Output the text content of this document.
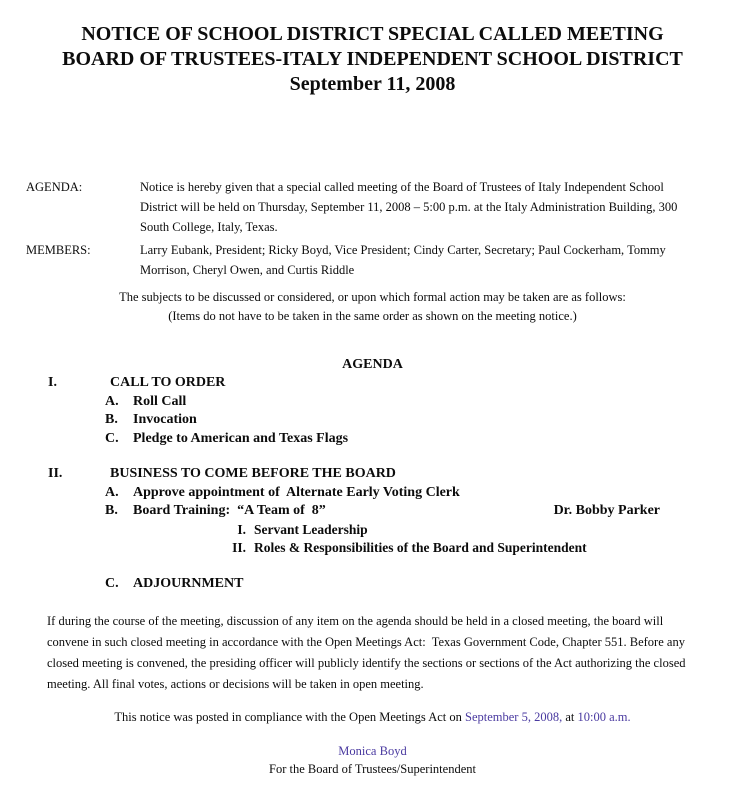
NOTICE OF SCHOOL DISTRICT SPECIAL CALLED MEETING
BOARD OF TRUSTEES-ITALY INDEPENDENT SCHOOL DISTRICT
September 11, 2008
AGENDA:	Notice is hereby given that a special called meeting of the Board of Trustees of Italy Independent School
District will be held on Thursday, September 11, 2008 – 5:00 p.m. at the Italy Administration Building, 300
South College, Italy, Texas.
MEMBERS:	Larry Eubank, President; Ricky Boyd, Vice President; Cindy Carter, Secretary; Paul Cockerham, Tommy
Morrison, Cheryl Owen, and Curtis Riddle
The subjects to be discussed or considered, or upon which formal action may be taken are as follows:
(Items do not have to be taken in the same order as shown on the meeting notice.)
AGENDA
I.	CALL TO ORDER
A.	Roll Call
B.	Invocation
C.	Pledge to American and Texas Flags
II.	BUSINESS TO COME BEFORE THE BOARD
A.	Approve appointment of  Alternate Early Voting Clerk
B.	Board Training:  “A Team of  8”	Dr. Bobby Parker
I. Servant Leadership
II. Roles & Responsibilities of the Board and Superintendent
C.	ADJOURNMENT
If during the course of the meeting, discussion of any item on the agenda should be held in a closed meeting, the board will
convene in such closed meeting in accordance with the Open Meetings Act:  Texas Government Code, Chapter 551. Before any
closed meeting is convened, the presiding officer will publicly identify the sections or sections of the Act authorizing the closed
meeting. All final votes, actions or decisions will be taken in open meeting.
This notice was posted in compliance with the Open Meetings Act on September 5, 2008, at 10:00 a.m.
Monica Boyd
For the Board of Trustees/Superintendent
